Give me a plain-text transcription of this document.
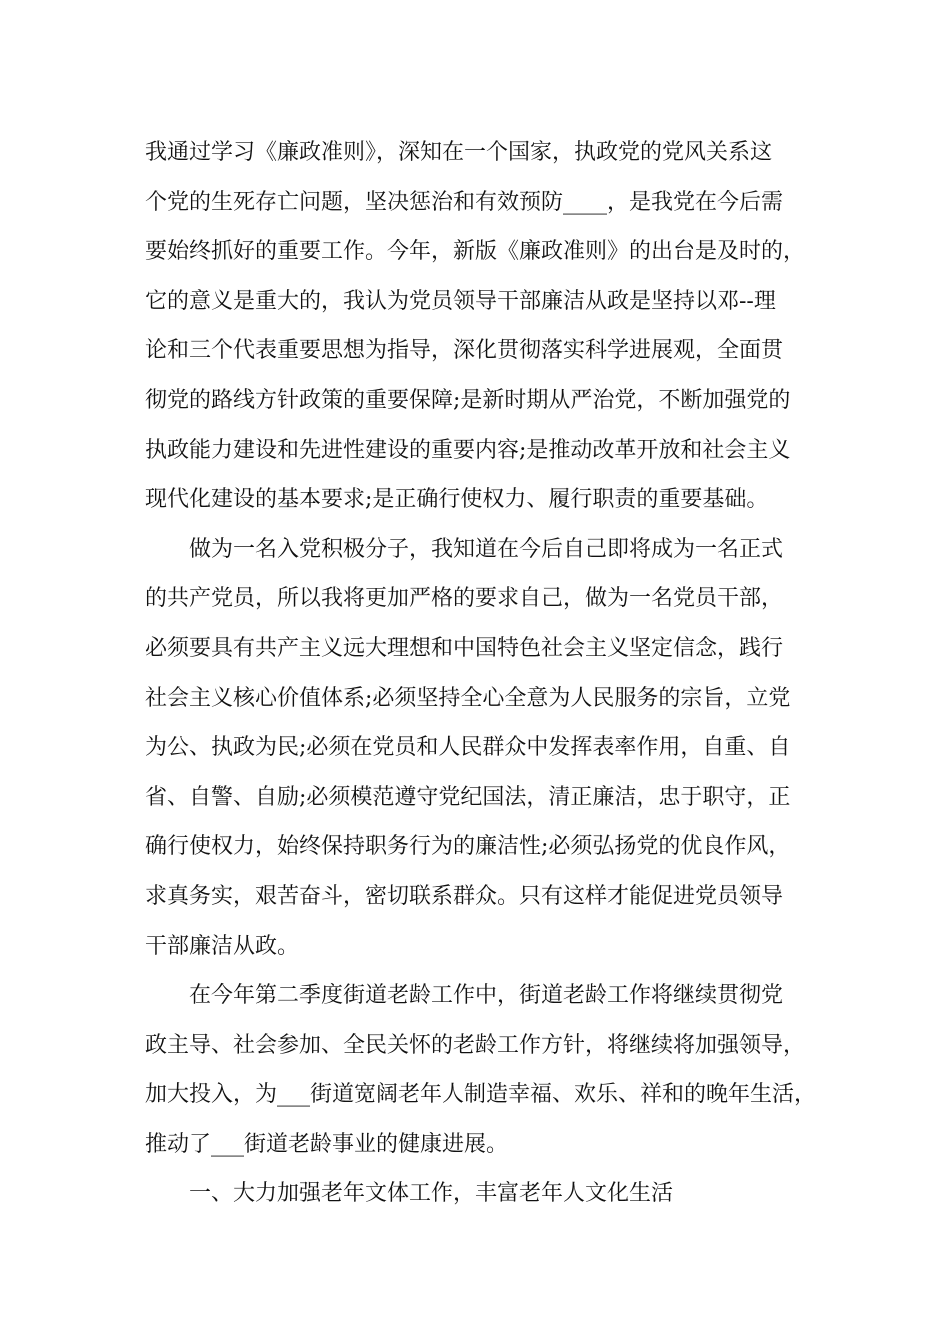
我通过学习《廉政准则》，深知在一个国家，执政党的党风关系这
个党的生死存亡问题，坚决惩治和有效预防____，是我党在今后需
要始终抓好的重要工作。今年，新版《廉政准则》的出台是及时的，
它的意义是重大的，我认为党员领导干部廉洁从政是坚持以邓--理
论和三个代表重要思想为指导，深化贯彻落实科学进展观，全面贯
彻党的路线方针政策的重要保障;是新时期从严治党，不断加强党的
执政能力建设和先进性建设的重要内容;是推动改革开放和社会主义
现代化建设的基本要求;是正确行使权力、履行职责的重要基础。
做为一名入党积极分子，我知道在今后自己即将成为一名正式
的共产党员，所以我将更加严格的要求自己，做为一名党员干部，
必须要具有共产主义远大理想和中国特色社会主义坚定信念，践行
社会主义核心价值体系;必须坚持全心全意为人民服务的宗旨，立党
为公、执政为民;必须在党员和人民群众中发挥表率作用，自重、自
省、自警、自励;必须模范遵守党纪国法，清正廉洁，忠于职守，正
确行使权力，始终保持职务行为的廉洁性;必须弘扬党的优良作风，
求真务实，艰苦奋斗，密切联系群众。只有这样才能促进党员领导
干部廉洁从政。
在今年第二季度街道老龄工作中，街道老龄工作将继续贯彻党
政主导、社会参加、全民关怀的老龄工作方针，将继续将加强领导，
加大投入，为___街道宽阔老年人制造幸福、欢乐、祥和的晚年生活，
推动了___街道老龄事业的健康进展。
一、大力加强老年文体工作，丰富老年人文化生活
